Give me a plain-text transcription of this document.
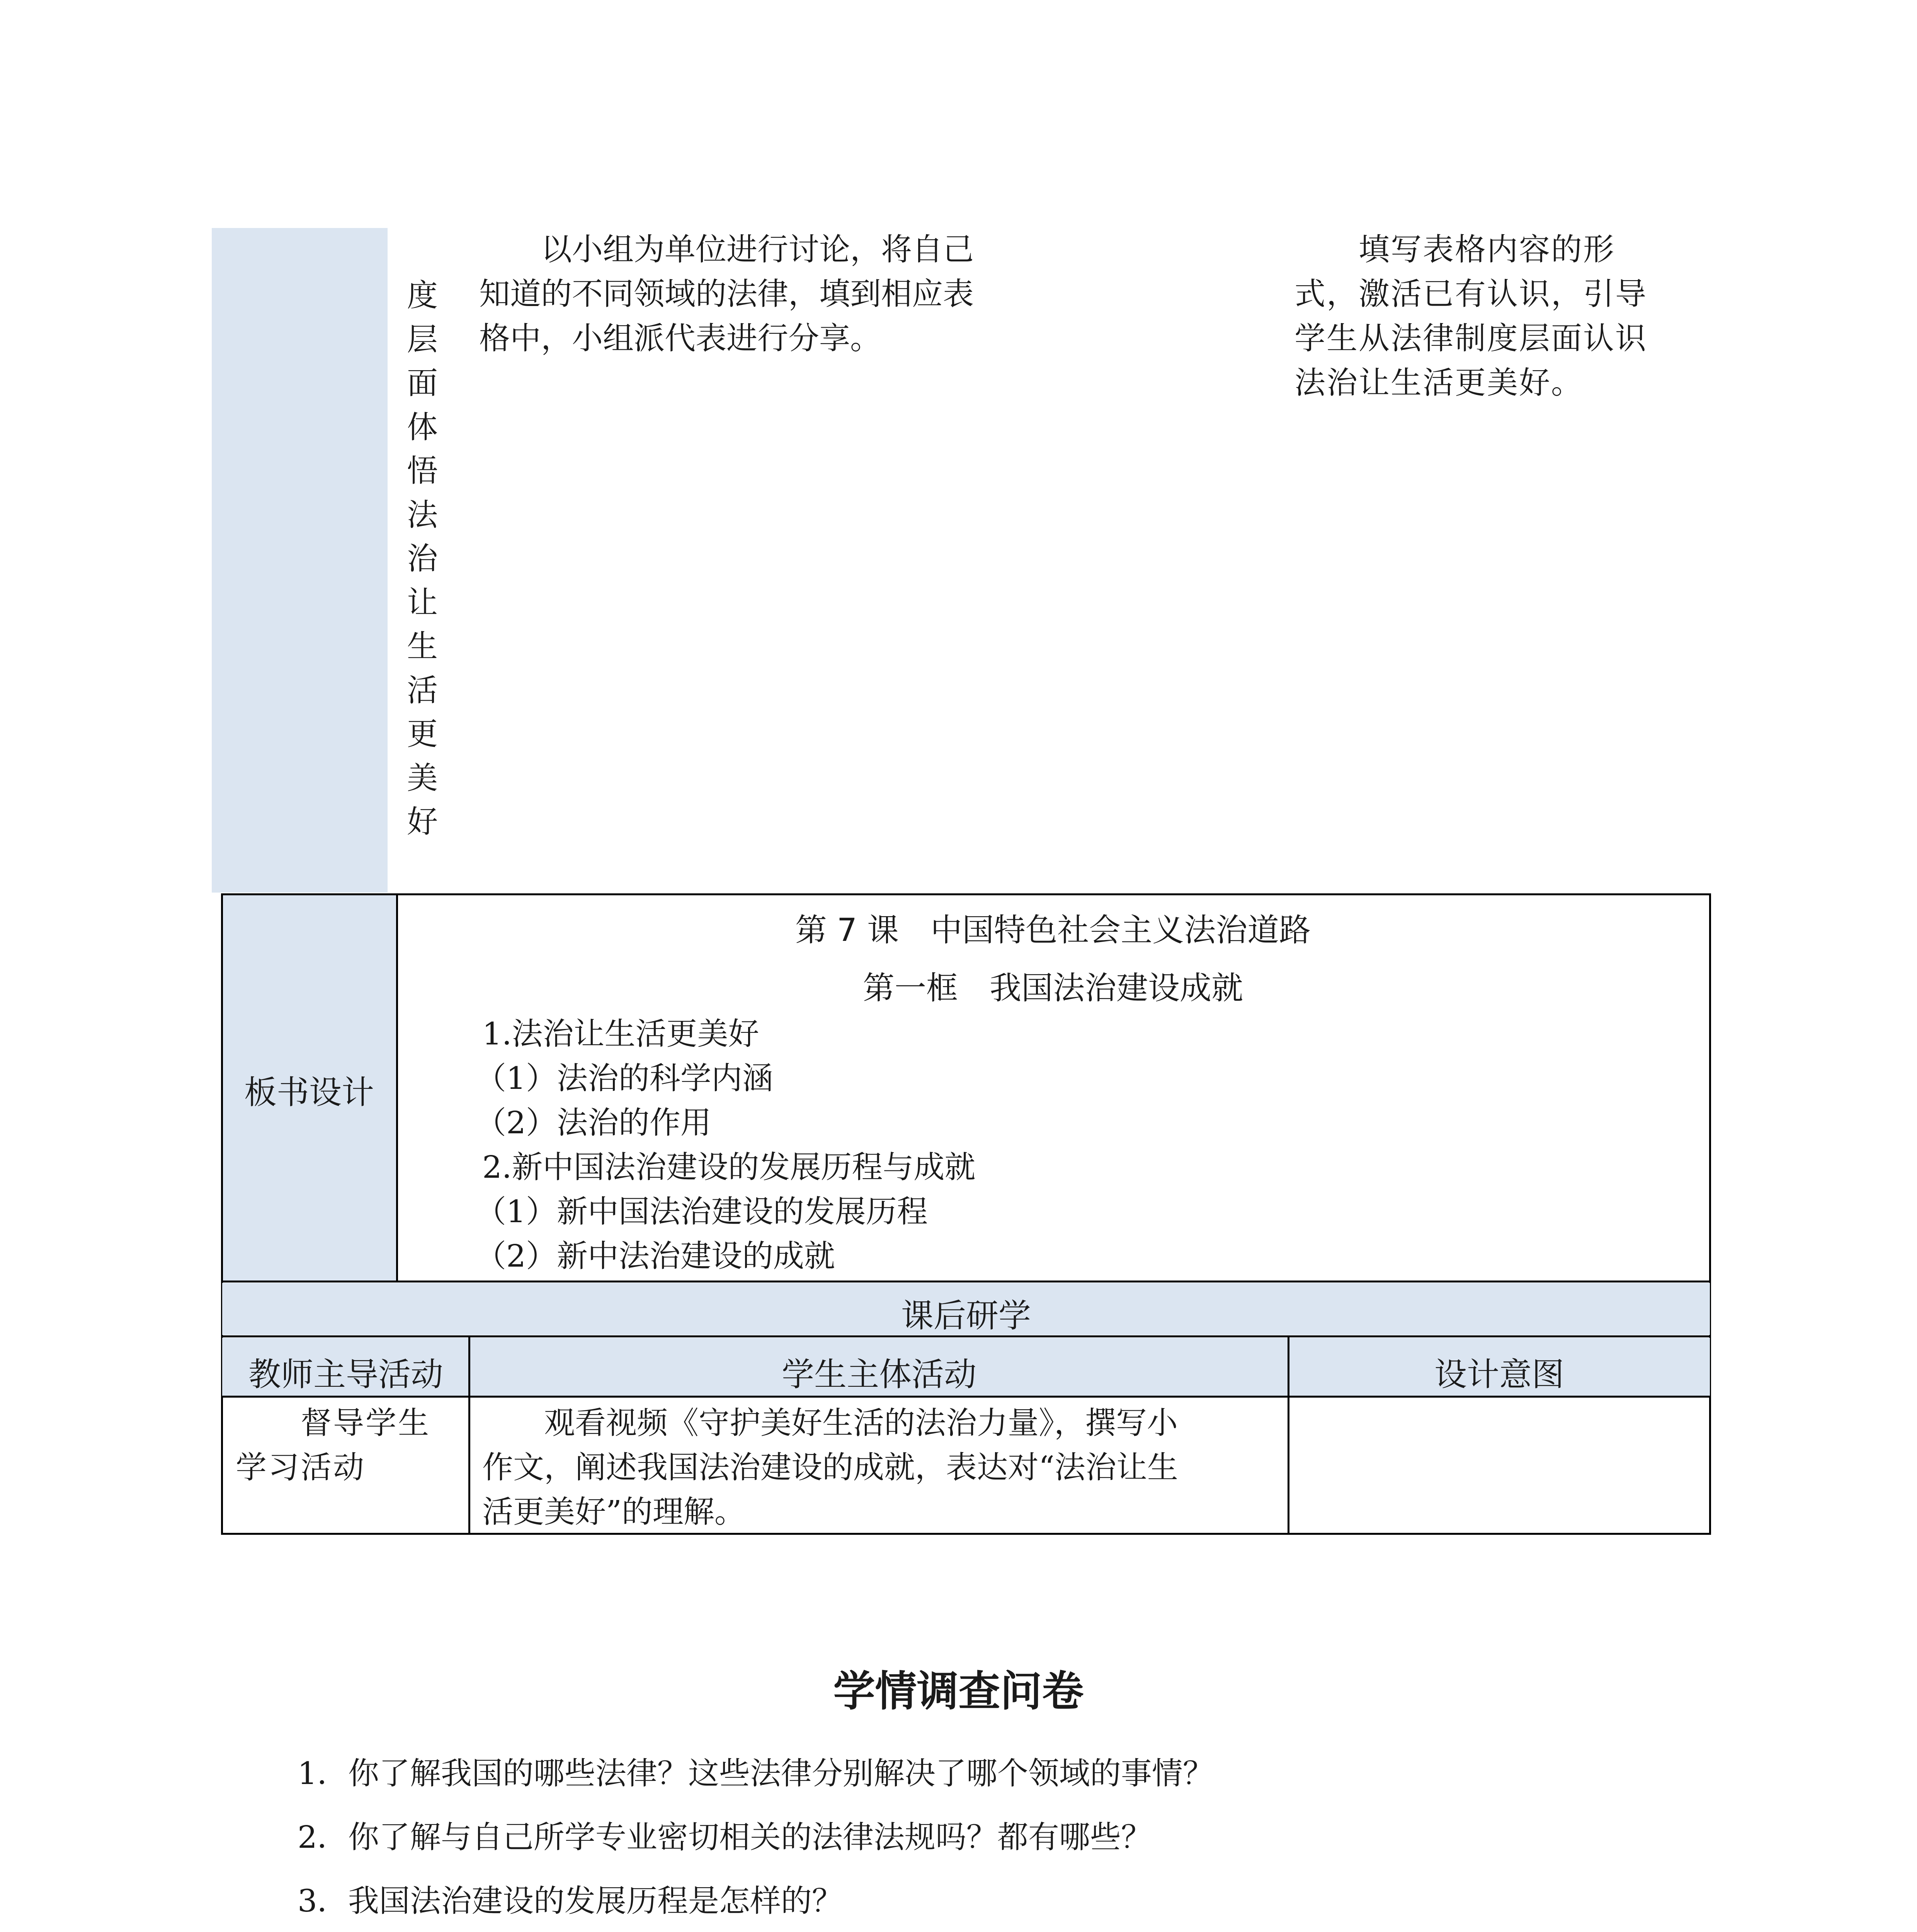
度
层
面
体
悟
法
治
让
生
活
更
美
好

　　以小组为单位进行讨论，将自己

知道的不同领域的法律，填到相应表

格中，小组派代表进行分享。

　　填写表格内容的形

式，激活已有认识，引导

学生从法律制度层面认识

法治让生活更美好。

板书设计
第 7 课　中国特色社会主义法治道路
第一框　我国法治建设成就
1.法治让生活更美好
（1）法治的科学内涵
（2）法治的作用
2.新中国法治建设的发展历程与成就
（1）新中国法治建设的发展历程
（2）新中法治建设的成就
课后研学
教师主导活动	学生主体活动	设计意图

　　督导学生

学习活动

　　观看视频《守护美好生活的法治力量》，撰写小

作文，阐述我国法治建设的成就，表达对“法治让生

活更美好”的理解。

学情调查问卷
1．你了解我国的哪些法律？这些法律分别解决了哪个领域的事情？
2．你了解与自己所学专业密切相关的法律法规吗？都有哪些？
3．我国法治建设的发展历程是怎样的？
